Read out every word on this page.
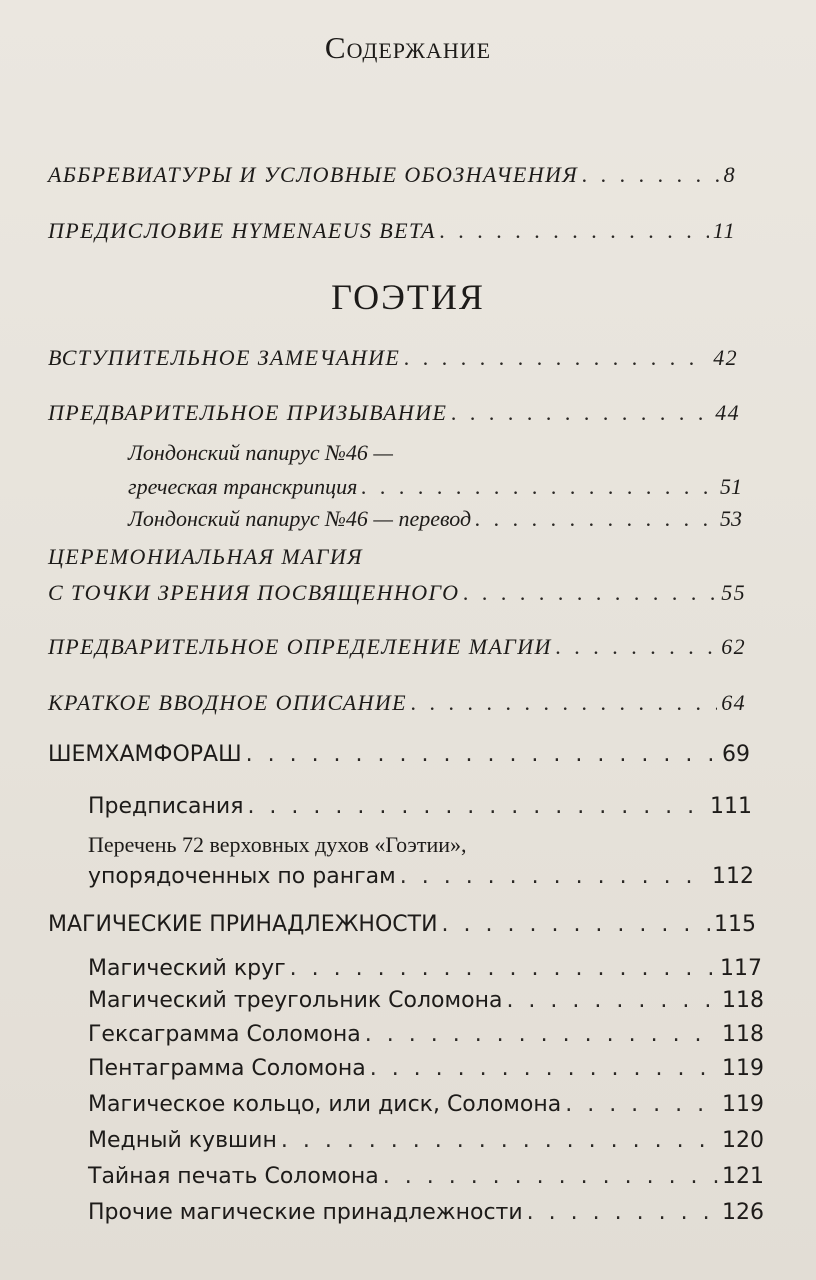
Содержание
АББРЕВИАТУРЫ И УСЛОВНЫЕ ОБОЗНАЧЕНИЯ . . .	8
ПРЕДИСЛОВИЕ HYMENAEUS BETA . . .	11
ГОЭТИЯ
ВСТУПИТЕЛЬНОЕ ЗАМЕЧАНИЕ . . .	42
ПРЕДВАРИТЕЛЬНОЕ ПРИЗЫВАНИЕ . . .	44
Лондонский папирус №46 —
греческая транскрипция . . .	51
Лондонский папирус №46 — перевод . . .	53
ЦЕРЕМОНИАЛЬНАЯ МАГИЯ
С ТОЧКИ ЗРЕНИЯ ПОСВЯЩЕННОГО . . .	55
ПРЕДВАРИТЕЛЬНОЕ ОПРЕДЕЛЕНИЕ МАГИИ . . .	62
КРАТКОЕ ВВОДНОЕ ОПИСАНИЕ . . .	64
ШЕМХАМФОРАШ . . .	69
Предписания . . .	111
Перечень 72 верховных духов «Гоэтии»,
упорядоченных по рангам . . .	112
МАГИЧЕСКИЕ ПРИНАДЛЕЖНОСТИ . . .	115
Магический круг . . .	117
Магический треугольник Соломона . . .	118
Гексаграмма Соломона . . .	118
Пентаграмма Соломона . . .	119
Магическое кольцо, или диск, Соломона . . .	119
Медный кувшин . . .	120
Тайная печать Соломона . . .	121
Прочие магические принадлежности . . .	126
